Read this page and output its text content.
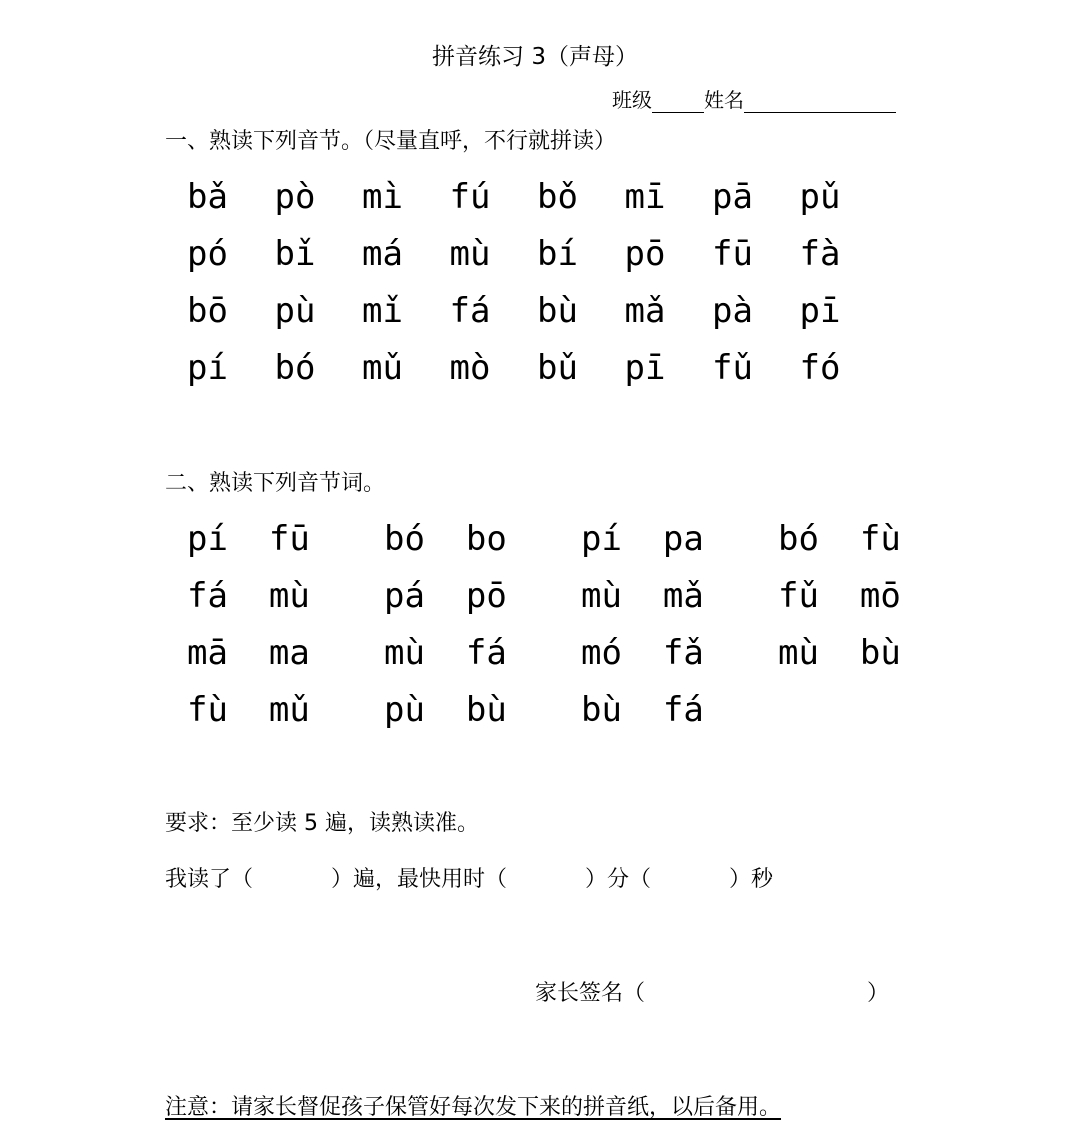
拼音练习 3（声母）
班级	姓名
一、熟读下列音节。（尽量直呼，不行就拼读）
bǎ	pò	mì	fú	bǒ	mī	pā	pǔ
pó	bǐ	má	mù	bí	pō	fū	fà
bō	pù	mǐ	fá	bù	mǎ	pà	pī
pí	bó	mǔ	mò	bǔ	pī	fǔ	fó
二、熟读下列音节词。
pí  fū	bó  bo	pí  pa	bó  fù
fá  mù	pá  pō	mù  mǎ	fǔ  mō
mā  ma	mù  fá	mó  fǎ	mù  bù
fù  mǔ	pù  bù	bù  fá
要求：至少读 5 遍，读熟读准。
我读了（	）遍，最快用时（	）分（	）秒
家长签名（	）
注意：请家长督促孩子保管好每次发下来的拼音纸，以后备用。
